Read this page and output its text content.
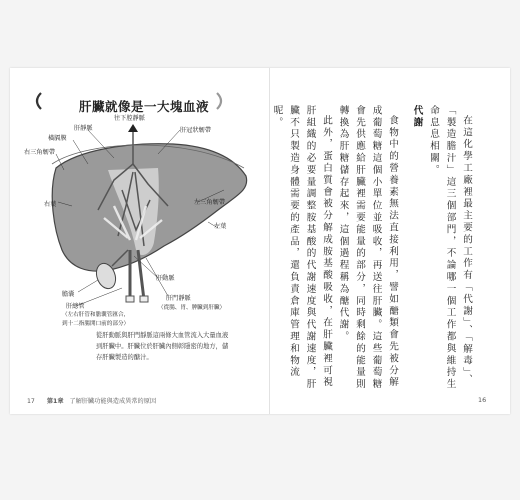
肝臟就像是一大塊血液
往下腔靜脈
肝靜脈
橫膈膜
肝冠狀韌帶
右三角韌帶
左三角韌帶
左葉
右葉
肝動脈
肝門靜脈
（從腸、胃、脾臟到肝臟）
膽囊
肝總管
（左右肝管和膽囊管匯合，
到十二指腸開口前的部分）
從肝動脈與肝門靜脈這兩條大血管流入大量血液到肝臟中。肝臟位於肝臟內側彰隱密的地方，儲存肝臟製造的醣汁。
17 第1章 了解肝臟功能與造成異常的原因

在這化學工廠裡最主要的工作有「代謝」、「解毒」、「製造膽汁」這三個部門，不論哪一個工作都與維持生命息息相關。

代謝

食物中的營養素無法直接利用，譬如醣類會先被分解成葡萄糖這個小單位並吸收，再送往肝臟。這些葡萄糖會先供應給肝臟裡需要能量的部分，同時剩餘的能量則轉換為肝糖儲存起來，這個過程稱為醣代謝。

此外，蛋白質會被分解成胺基酸吸收，在肝臟裡可視肝組織的必要量調整胺基酸的代謝速度與代謝速度，肝臟不只製造身體需要的產品，還負責倉庫管理和物流呢。

16
